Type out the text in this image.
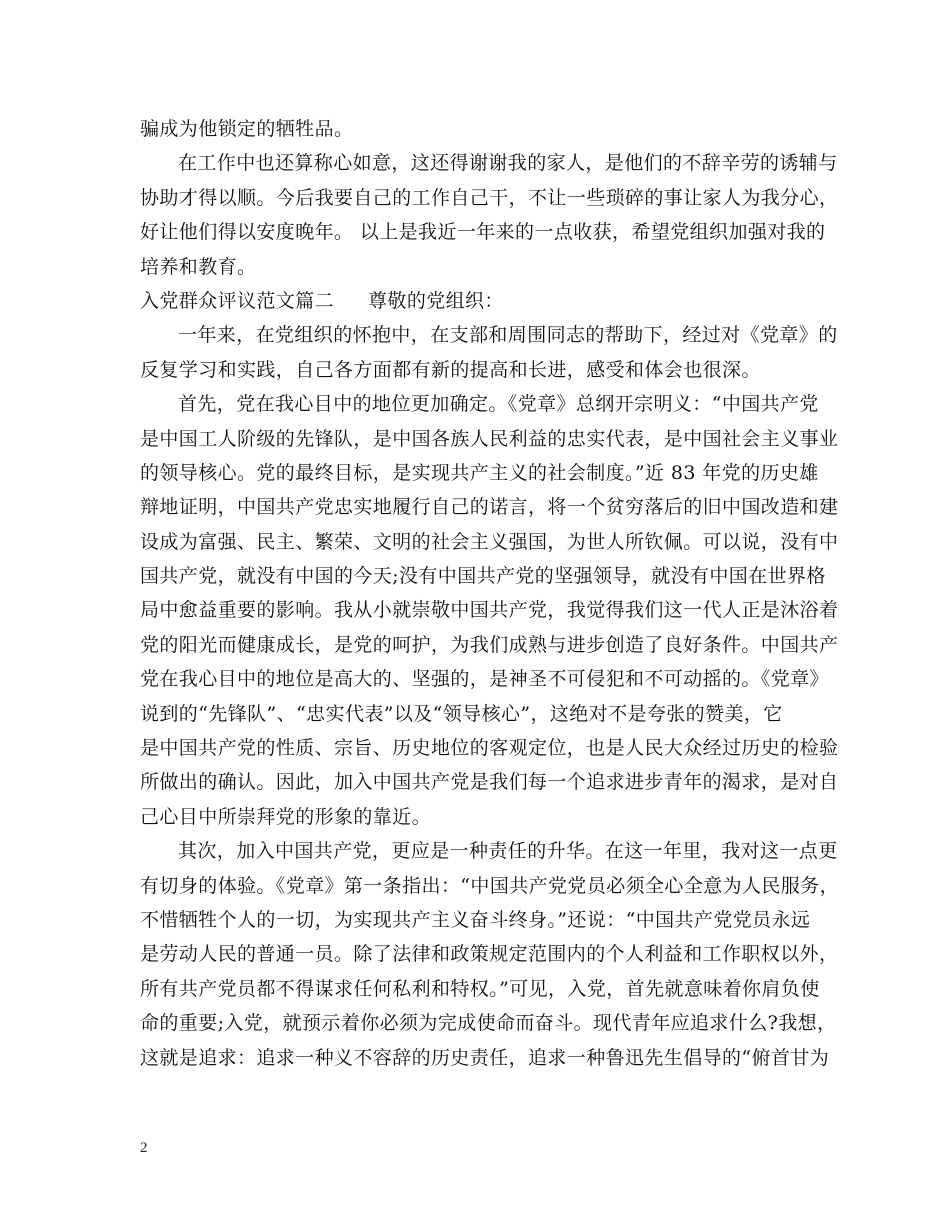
骗成为他锁定的牺牲品。
在工作中也还算称心如意，这还得谢谢我的家人，是他们的不辞辛劳的诱辅与
协助才得以顺。今后我要自己的工作自己干，不让一些琐碎的事让家人为我分心，
好让他们得以安度晚年。 以上是我近一年来的一点收获，希望党组织加强对我的
培养和教育。
入党群众评议范文篇二 尊敬的党组织：
一年来，在党组织的怀抱中，在支部和周围同志的帮助下，经过对《党章》的
反复学习和实践，自己各方面都有新的提高和长进，感受和体会也很深。
首先，党在我心目中的地位更加确定。《党章》总纲开宗明义：“中国共产党
是中国工人阶级的先锋队，是中国各族人民利益的忠实代表，是中国社会主义事业
的领导核心。党的最终目标，是实现共产主义的社会制度。”近 83 年党的历史雄
辩地证明，中国共产党忠实地履行自己的诺言，将一个贫穷落后的旧中国改造和建
设成为富强、民主、繁荣、文明的社会主义强国，为世人所钦佩。可以说，没有中
国共产党，就没有中国的今天;没有中国共产党的坚强领导，就没有中国在世界格
局中愈益重要的影响。我从小就崇敬中国共产党，我觉得我们这一代人正是沐浴着
党的阳光而健康成长，是党的呵护，为我们成熟与进步创造了良好条件。中国共产
党在我心目中的地位是高大的、坚强的，是神圣不可侵犯和不可动摇的。《党章》
说到的“先锋队”、“忠实代表”以及“领导核心”，这绝对不是夸张的赞美，它
是中国共产党的性质、宗旨、历史地位的客观定位，也是人民大众经过历史的检验
所做出的确认。因此，加入中国共产党是我们每一个追求进步青年的渴求，是对自
己心目中所崇拜党的形象的靠近。
其次，加入中国共产党，更应是一种责任的升华。在这一年里，我对这一点更
有切身的体验。《党章》第一条指出：“中国共产党党员必须全心全意为人民服务，
不惜牺牲个人的一切，为实现共产主义奋斗终身。”还说：“中国共产党党员永远
是劳动人民的普通一员。除了法律和政策规定范围内的个人利益和工作职权以外，
所有共产党员都不得谋求任何私利和特权。”可见，入党，首先就意味着你肩负使
命的重要;入党，就预示着你必须为完成使命而奋斗。现代青年应追求什么?我想，
这就是追求：追求一种义不容辞的历史责任，追求一种鲁迅先生倡导的“俯首甘为
2
